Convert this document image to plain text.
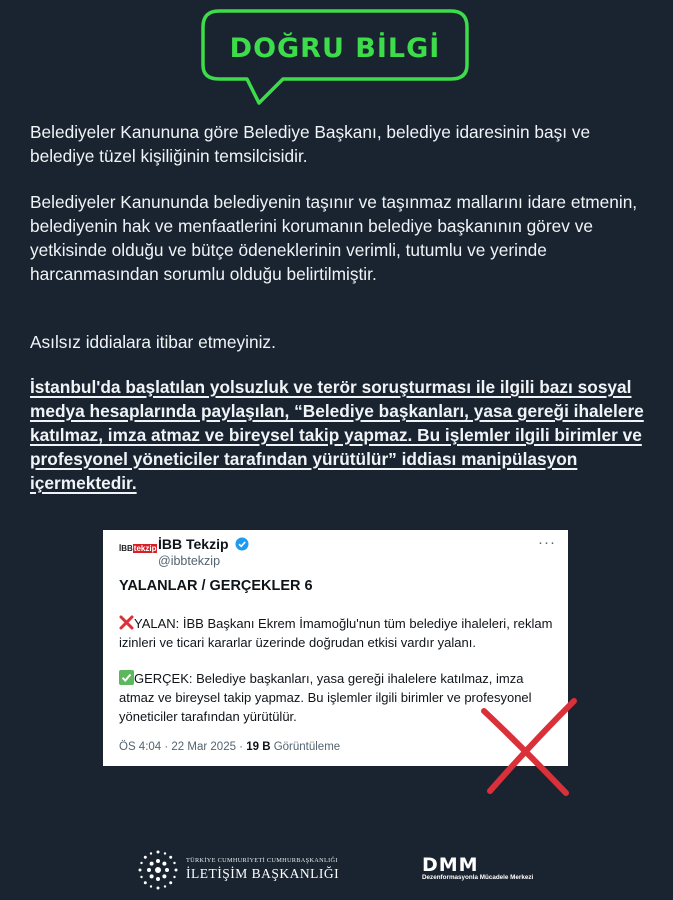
DOĞRU BİLGİ
Belediyeler Kanununa göre Belediye Başkanı, belediye idaresinin başı ve belediye tüzel kişiliğinin temsilcisidir.
Belediyeler Kanununda belediyenin taşınır ve taşınmaz mallarını idare etmenin, belediyenin hak ve menfaatlerini korumanın belediye başkanının görev ve yetkisinde olduğu ve bütçe ödeneklerinin verimli, tutumlu ve yerinde harcanmasından sorumlu olduğu belirtilmiştir.
Asılsız iddialara itibar etmeyiniz.
İstanbul'da başlatılan yolsuzluk ve terör soruşturması ile ilgili bazı sosyal medya hesaplarında paylaşılan, “Belediye başkanları, yasa gereği ihalelere katılmaz, imza atmaz ve bireysel takip yapmaz. Bu işlemler ilgili birimler ve profesyonel yöneticiler tarafından yürütülür” iddiası manipülasyon içermektedir.
İBBtekzip İBB Tekzip
@ibbtekzip
···
YALANLAR / GERÇEKLER 6
YALAN: İBB Başkanı Ekrem İmamoğlu'nun tüm belediye ihaleleri, reklam izinleri ve ticari kararlar üzerinde doğrudan etkisi vardır yalanı.
GERÇEK: Belediye başkanları, yasa gereği ihalelere katılmaz, imza atmaz ve bireysel takip yapmaz. Bu işlemler ilgili birimler ve profesyonel yöneticiler tarafından yürütülür.
ÖS 4:04 · 22 Mar 2025 · 19 B Görüntüleme
TÜRKİYE CUMHURİYETİ CUMHURBAŞKANLIĞI
İLETİŞİM BAŞKANLIĞI	DMM
Dezenformasyonla Mücadele Merkezi
